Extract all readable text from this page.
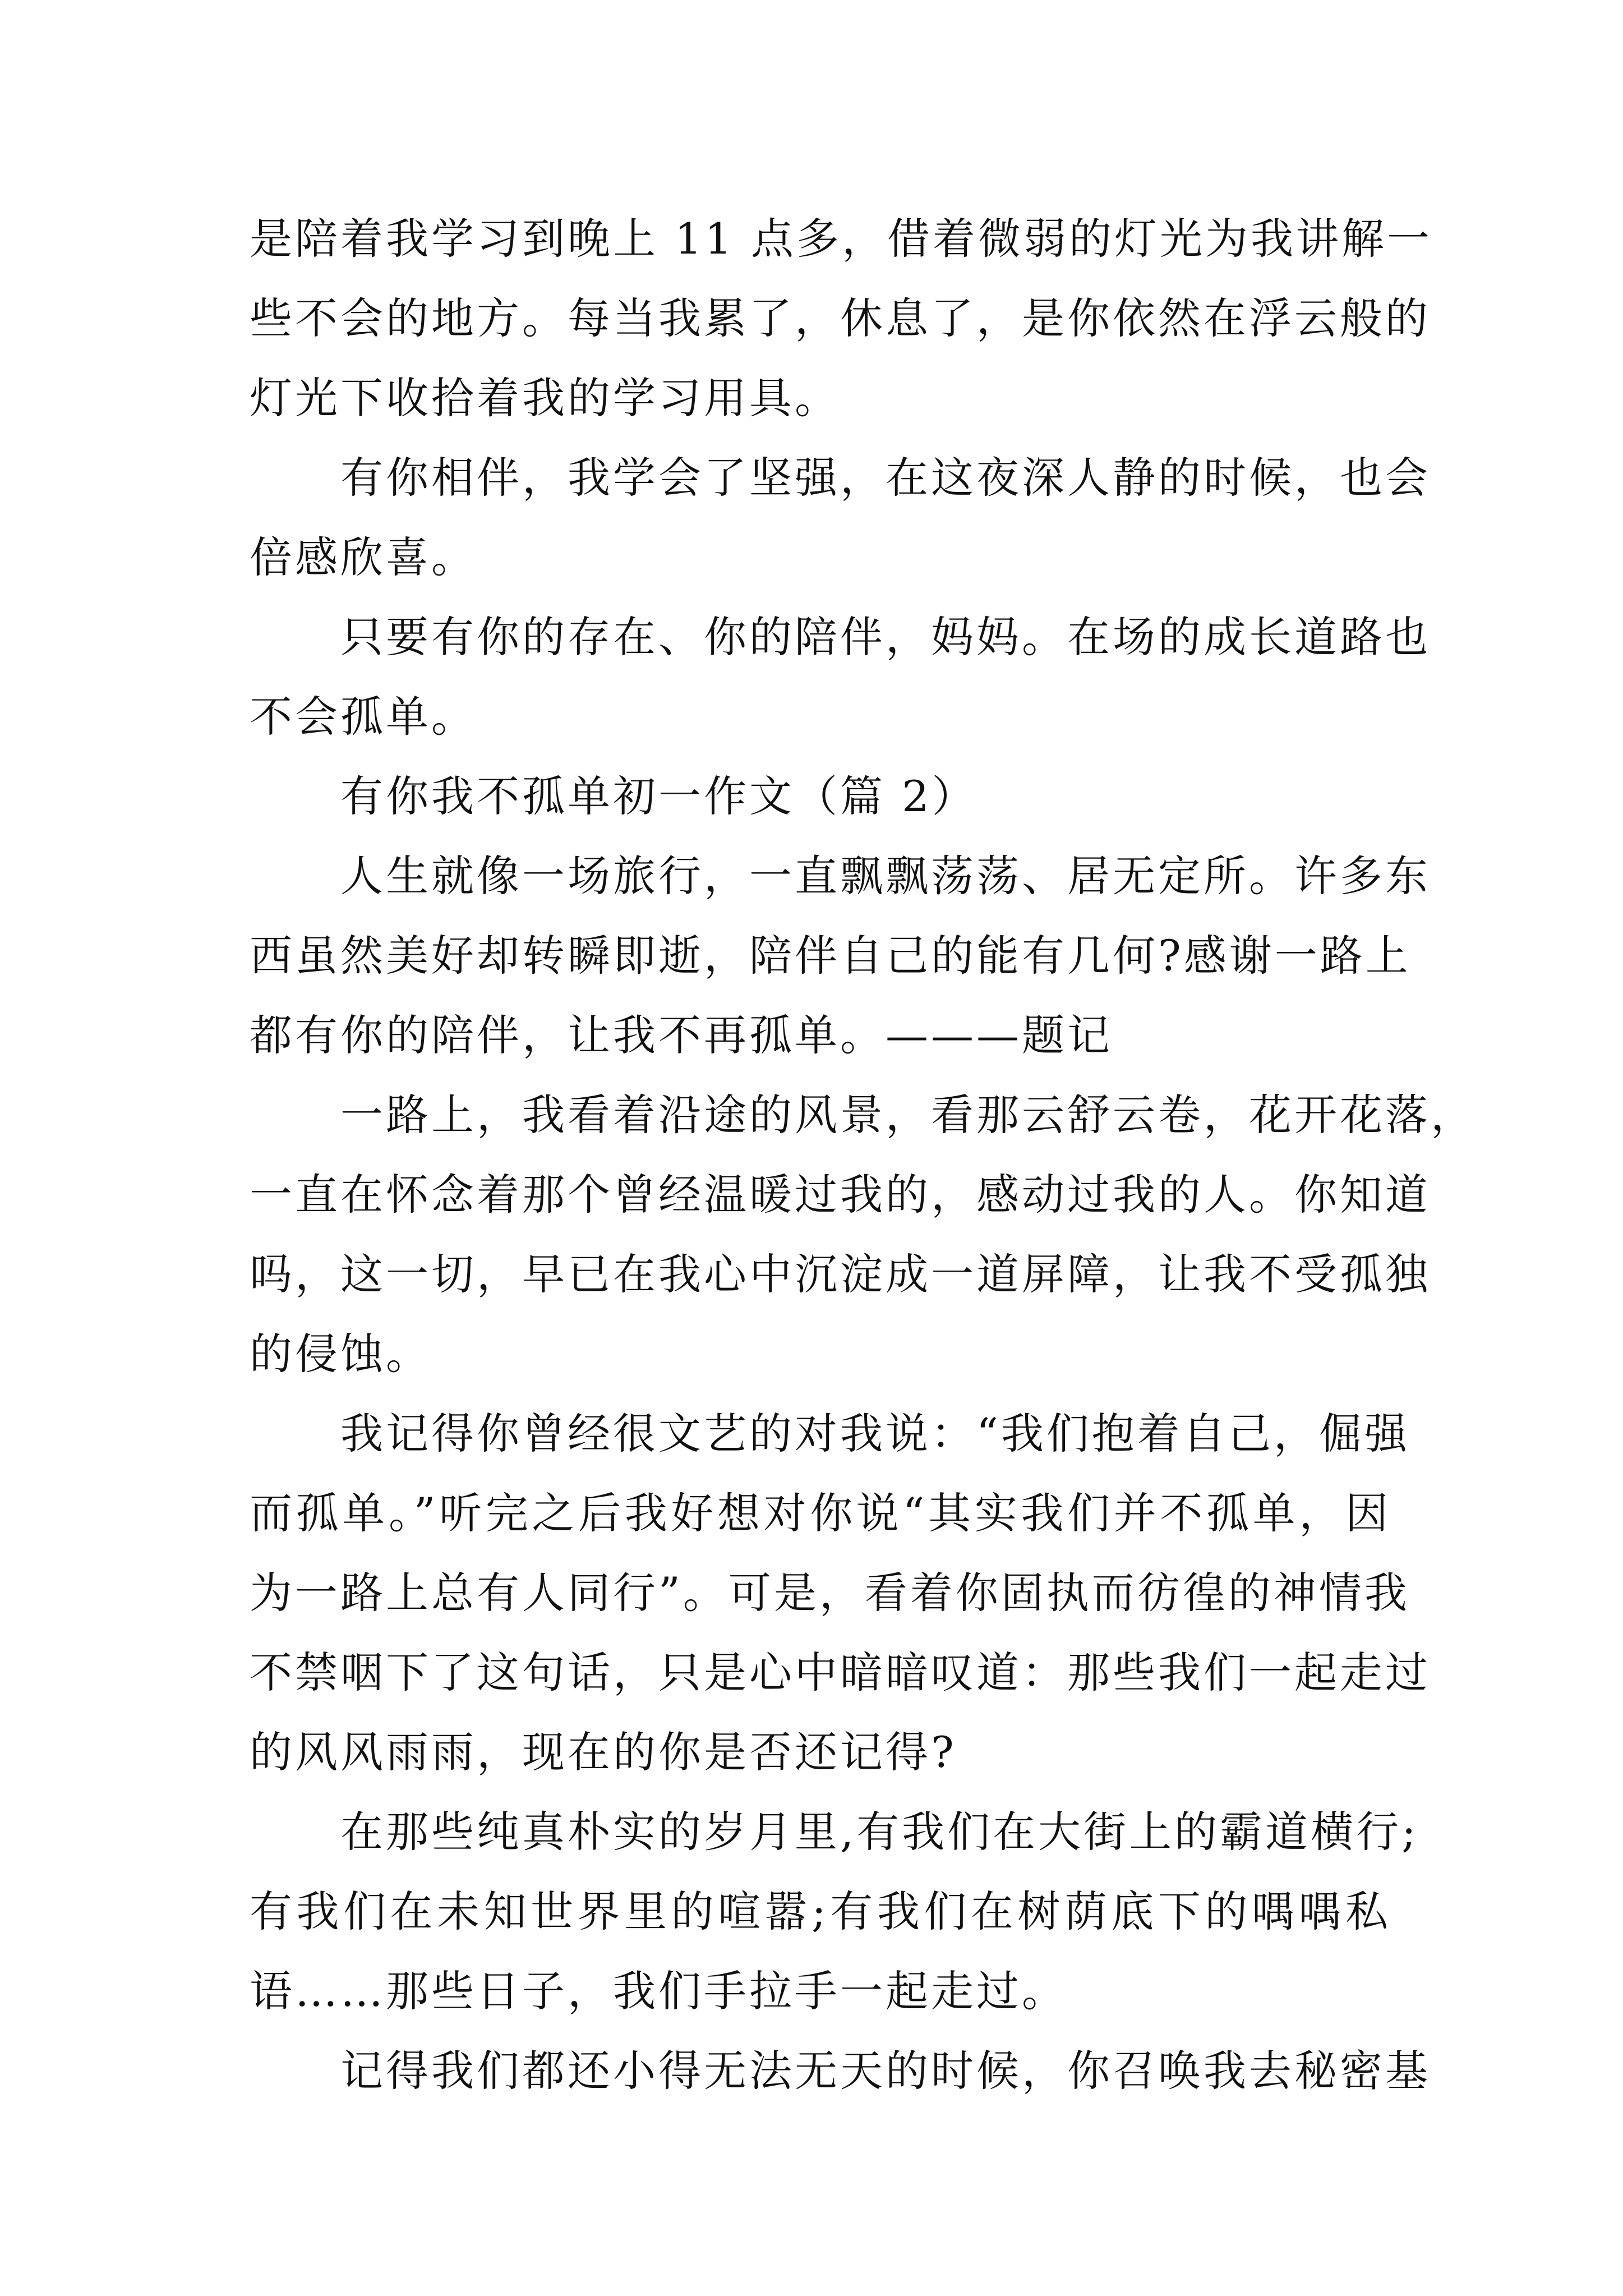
是陪着我学习到晚上 11 点多，借着微弱的灯光为我讲解一
些不会的地方。每当我累了，休息了，是你依然在浮云般的
灯光下收拾着我的学习用具。
有你相伴，我学会了坚强，在这夜深人静的时候，也会
倍感欣喜。
只要有你的存在、你的陪伴，妈妈。在场的成长道路也
不会孤单。
有你我不孤单初一作文（篇 2）
人生就像一场旅行，一直飘飘荡荡、居无定所。许多东
西虽然美好却转瞬即逝，陪伴自己的能有几何?感谢一路上
都有你的陪伴，让我不再孤单。———题记
一路上，我看着沿途的风景，看那云舒云卷，花开花落，
一直在怀念着那个曾经温暖过我的，感动过我的人。你知道
吗，这一切，早已在我心中沉淀成一道屏障，让我不受孤独
的侵蚀。
我记得你曾经很文艺的对我说：“我们抱着自己，倔强
而孤单。”听完之后我好想对你说“其实我们并不孤单，因
为一路上总有人同行”。可是，看着你固执而彷徨的神情我
不禁咽下了这句话，只是心中暗暗叹道：那些我们一起走过
的风风雨雨，现在的你是否还记得?
在那些纯真朴实的岁月里,有我们在大街上的霸道横行;
有我们在未知世界里的喧嚣;有我们在树荫底下的喁喁私
语……那些日子，我们手拉手一起走过。
记得我们都还小得无法无天的时候，你召唤我去秘密基
